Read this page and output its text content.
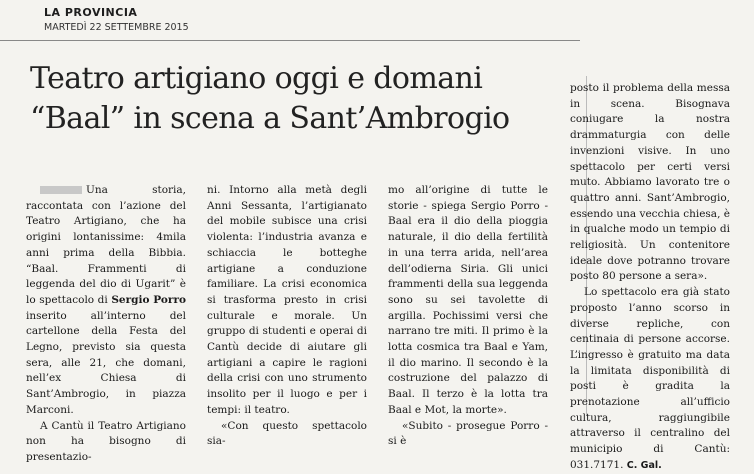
LA PROVINCIA
MARTEDÌ 22 SETTEMBRE 2015
Teatro artigiano oggi e domani
“Baal” in scena a Sant’Ambrogio

Una storia, raccontata con l’azione del Teatro Artigiano, che ha origini lontanissime: 4mila anni prima della Bibbia. “Baal. Frammenti di leggenda del dio di Ugarit” è lo spettacolo di Sergio Porro inserito all’interno del cartellone della Festa del Legno, previsto sia questa sera, alle 21, che domani, nell’ex Chiesa di Sant’Ambrogio, in piazza Marconi.

A Cantù il Teatro Artigiano non ha bisogno di presentazio-

ni. Intorno alla metà degli Anni Sessanta, l’artigianato del mobile subisce una crisi violenta: l’industria avanza e schiaccia le botteghe artigiane a conduzione familiare. La crisi economica si trasforma presto in crisi culturale e morale. Un gruppo di studenti e operai di Cantù decide di aiutare gli artigiani a capire le ragioni della crisi con uno strumento insolito per il luogo e per i tempi: il teatro.

«Con questo spettacolo sia-

mo all’origine di tutte le storie - spiega Sergio Porro - Baal era il dio della pioggia naturale, il dio della fertilità in una terra arida, nell’area dell’odierna Siria. Gli unici frammenti della sua leggenda sono su sei tavolette di argilla. Pochissimi versi che narrano tre miti. Il primo è la lotta cosmica tra Baal e Yam, il dio marino. Il secondo è la costruzione del palazzo di Baal. Il terzo è la lotta tra Baal e Mot, la morte».

«Subito - prosegue Porro - si è

posto il problema della messa in scena. Bisognava coniugare la nostra drammaturgia con delle invenzioni visive. In uno spettacolo per certi versi muto. Abbiamo lavorato tre o quattro anni. Sant’Ambrogio, essendo una vecchia chiesa, è in qualche modo un tempio di religiosità. Un contenitore ideale dove potranno trovare posto 80 persone a sera».

Lo spettacolo era già stato proposto l’anno scorso in diverse repliche, con centinaia di persone accorse. L’ingresso è gratuito ma data la limitata disponibilità di posti è gradita la prenotazione all’ufficio cultura, raggiungibile attraverso il centralino del municipio di Cantù: 031.7171. C. Gal.
